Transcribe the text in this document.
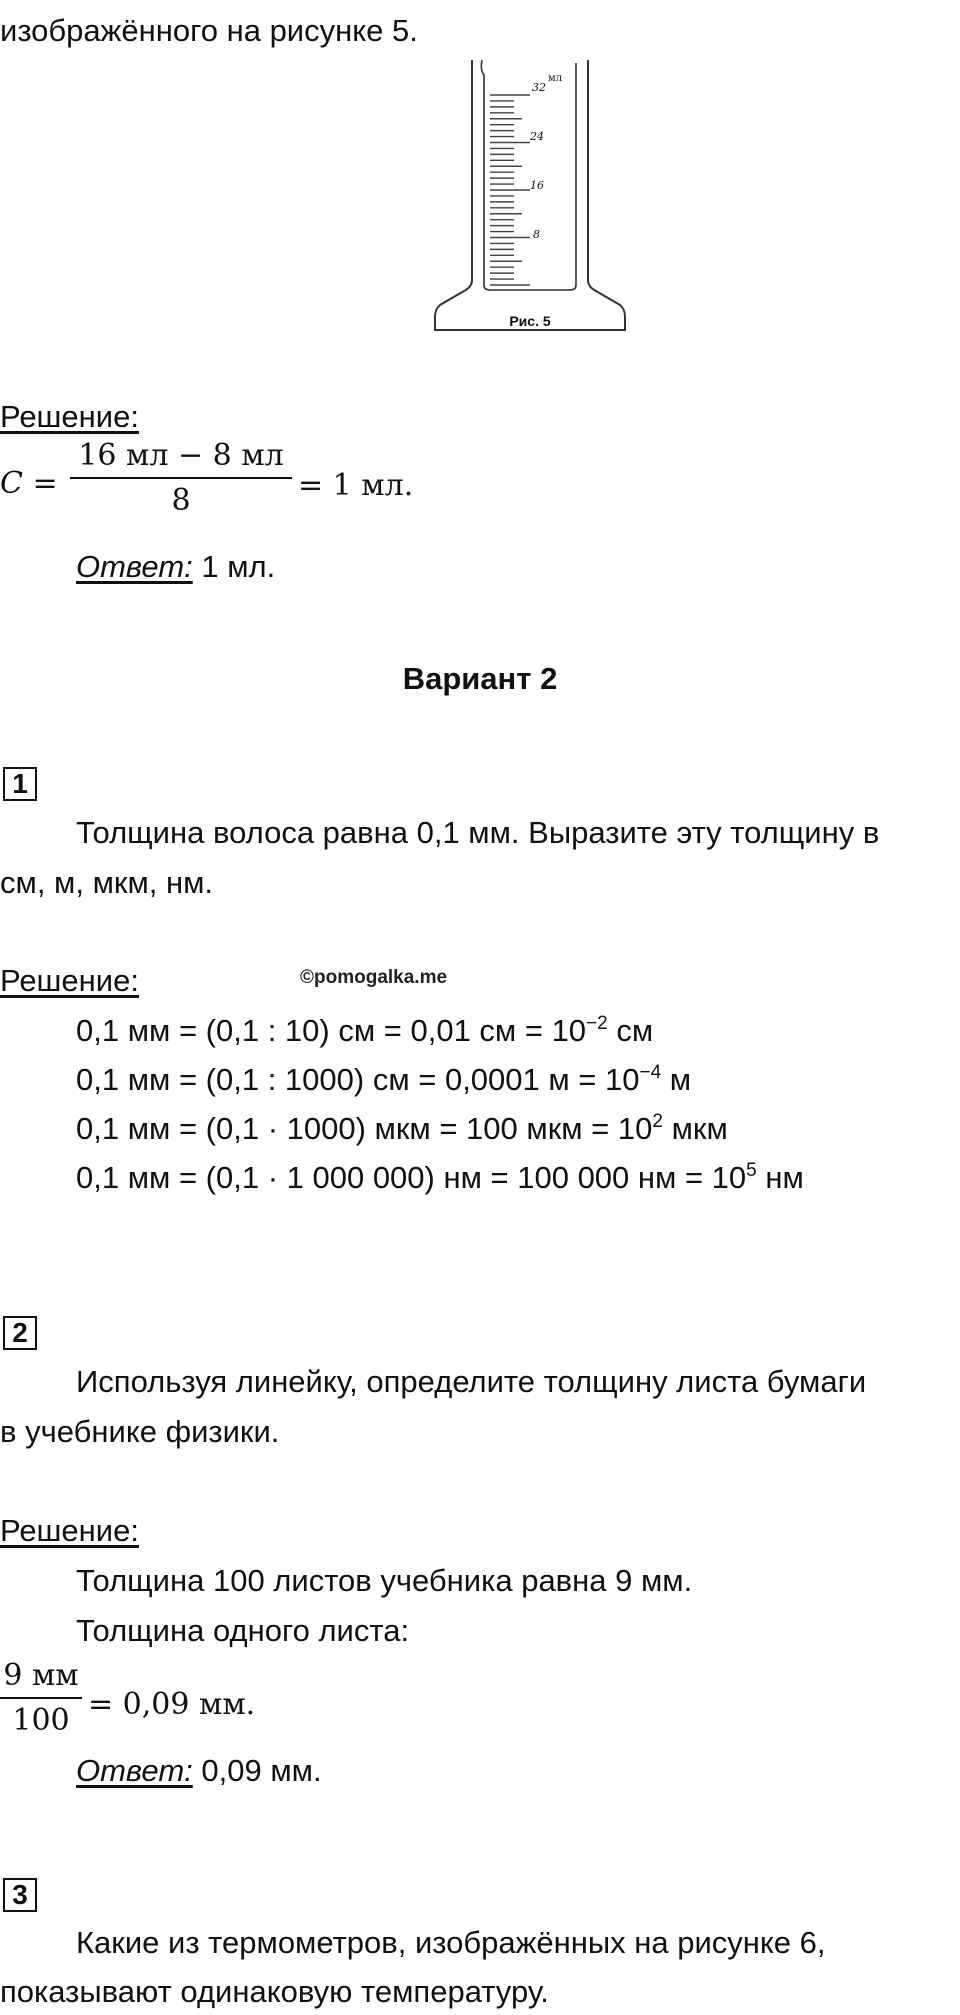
изображённого на рисунке 5.
32
мл
24
16
8
Рис. 5
Решение:
C =
16 мл − 8 мл
8	= 1 мл.
Ответ: 1 мл.
Вариант 2
1
Толщина волоса равна 0,1 мм. Выразите эту толщину в
см, м, мкм, нм.
Решение:	©pomogalka.me
0,1 мм = (0,1 : 10) см = 0,01 см = $10^{-2}$ см
0,1 мм = (0,1 : 1000) см = 0,0001 $м = 10^{-4}$ м
0,1 мм = (0,1 · 1000) мкм = 100 мкм = $10^2$ мкм
0,1 мм = (0,1 · 1 000 000) нм = 100 000 нм = $10^5$ нм
2
Используя линейку, определите толщину листа бумаги
в учебнике физики.
Решение:
Толщина 100 листов учебника равна 9 мм.
Толщина одного листа:
9 мм
100 = 0,09 мм.
Ответ: 0,09 мм.
3
Какие из термометров, изображённых на рисунке 6,
показывают одинаковую температуру.
